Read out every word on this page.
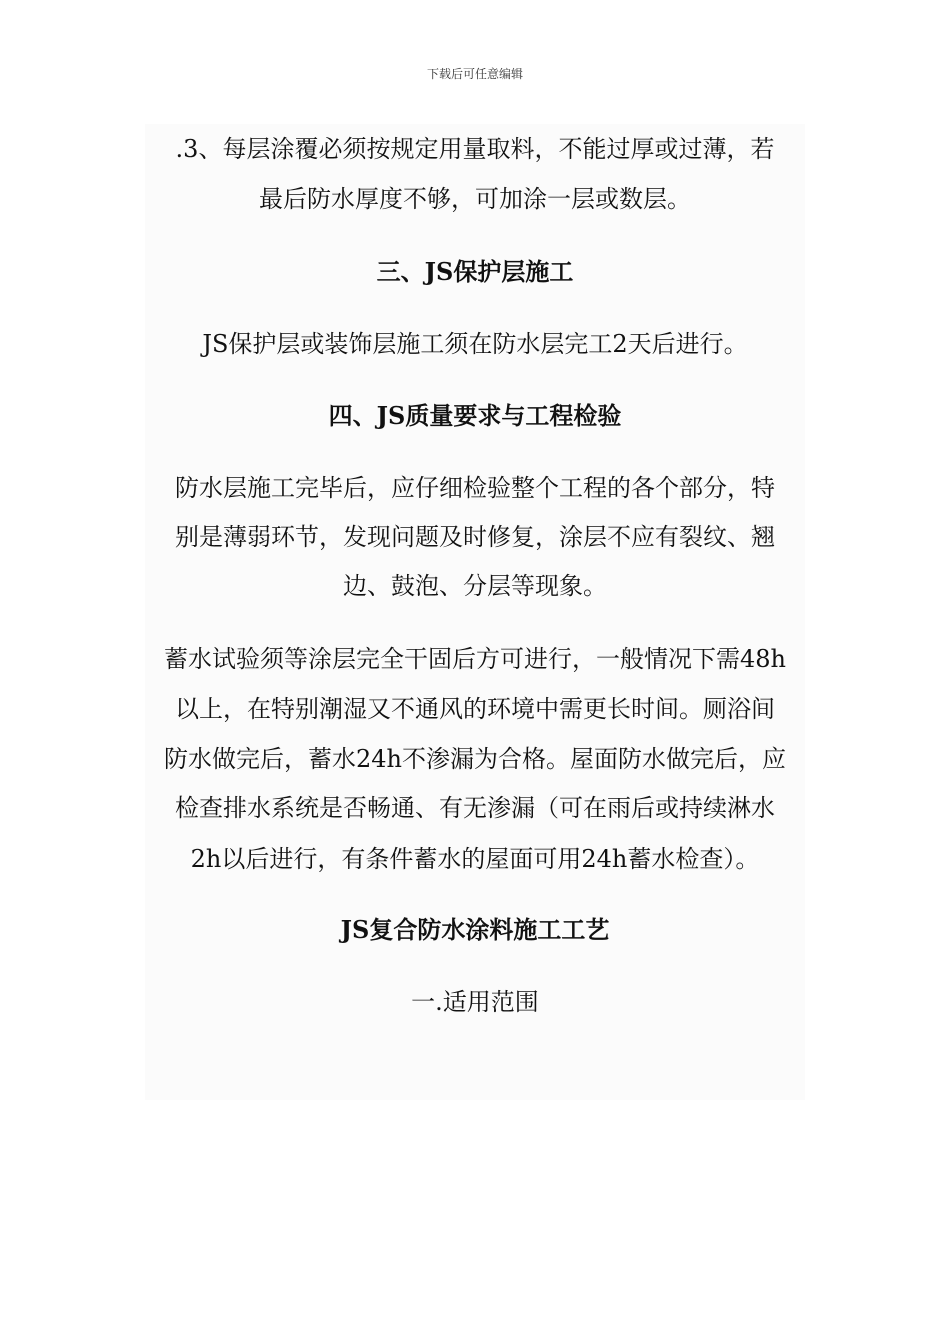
下载后可任意编辑
.3、每层涂覆必须按规定用量取料，不能过厚或过薄，若
最后防水厚度不够，可加涂一层或数层。
三、JS保护层施工
JS保护层或装饰层施工须在防水层完工2天后进行。
四、JS质量要求与工程检验
防水层施工完毕后，应仔细检验整个工程的各个部分，特
别是薄弱环节，发现问题及时修复，涂层不应有裂纹、翘
边、鼓泡、分层等现象。
蓄水试验须等涂层完全干固后方可进行，一般情况下需48h
以上，在特别潮湿又不通风的环境中需更长时间。厕浴间
防水做完后，蓄水24h不渗漏为合格。屋面防水做完后，应
检查排水系统是否畅通、有无渗漏（可在雨后或持续淋水
2h以后进行，有条件蓄水的屋面可用24h蓄水检查）。
JS复合防水涂料施工工艺
一.适用范围
